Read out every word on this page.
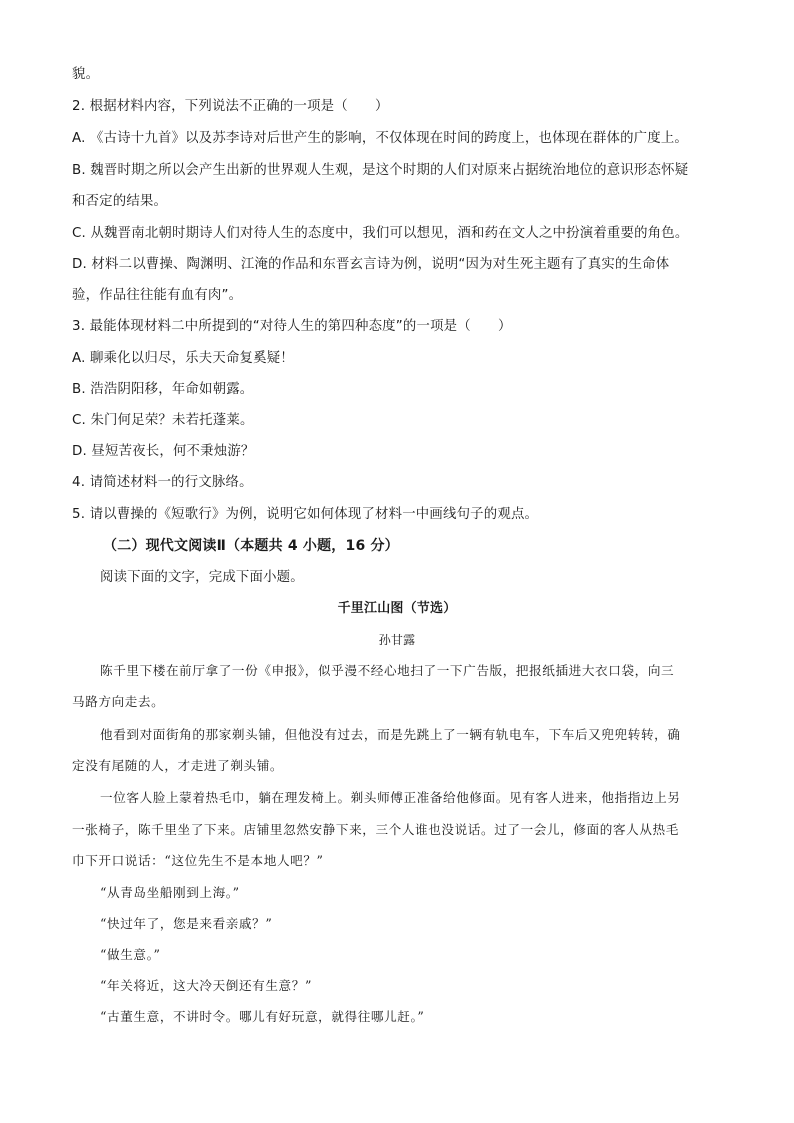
貌。
2. 根据材料内容，下列说法不正确的一项是（　　）
A. 《古诗十九首》以及苏李诗对后世产生的影响，不仅体现在时间的跨度上，也体现在群体的广度上。
B. 魏晋时期之所以会产生出新的世界观人生观，是这个时期的人们对原来占据统治地位的意识形态怀疑
和否定的结果。
C. 从魏晋南北朝时期诗人们对待人生的态度中，我们可以想见，酒和药在文人之中扮演着重要的角色。
D. 材料二以曹操、陶渊明、江淹的作品和东晋玄言诗为例，说明“因为对生死主题有了真实的生命体
验，作品往往能有血有肉”。
3. 最能体现材料二中所提到的“对待人生的第四种态度”的一项是（　　）
A. 聊乘化以归尽，乐夫天命复奚疑！
B. 浩浩阴阳移，年命如朝露。
C. 朱门何足荣？未若托蓬莱。
D. 昼短苦夜长，何不秉烛游？
4. 请简述材料一的行文脉络。
5. 请以曹操的《短歌行》为例，说明它如何体现了材料一中画线句子的观点。
（二）现代文阅读Ⅱ（本题共 4 小题，16 分）
阅读下面的文字，完成下面小题。
千里江山图（节选）
孙甘露
陈千里下楼在前厅拿了一份《申报》，似乎漫不经心地扫了一下广告版，把报纸插进大衣口袋，向三
马路方向走去。
他看到对面街角的那家剃头铺，但他没有过去，而是先跳上了一辆有轨电车，下车后又兜兜转转，确
定没有尾随的人，才走进了剃头铺。
一位客人脸上蒙着热毛巾，躺在理发椅上。剃头师傅正准备给他修面。见有客人进来，他指指边上另
一张椅子，陈千里坐了下来。店铺里忽然安静下来，三个人谁也没说话。过了一会儿，修面的客人从热毛
巾下开口说话：“这位先生不是本地人吧？”
“从青岛坐船刚到上海。”
“快过年了，您是来看亲戚？”
“做生意。”
“年关将近，这大冷天倒还有生意？”
“古董生意，不讲时令。哪儿有好玩意，就得往哪儿赶。”
